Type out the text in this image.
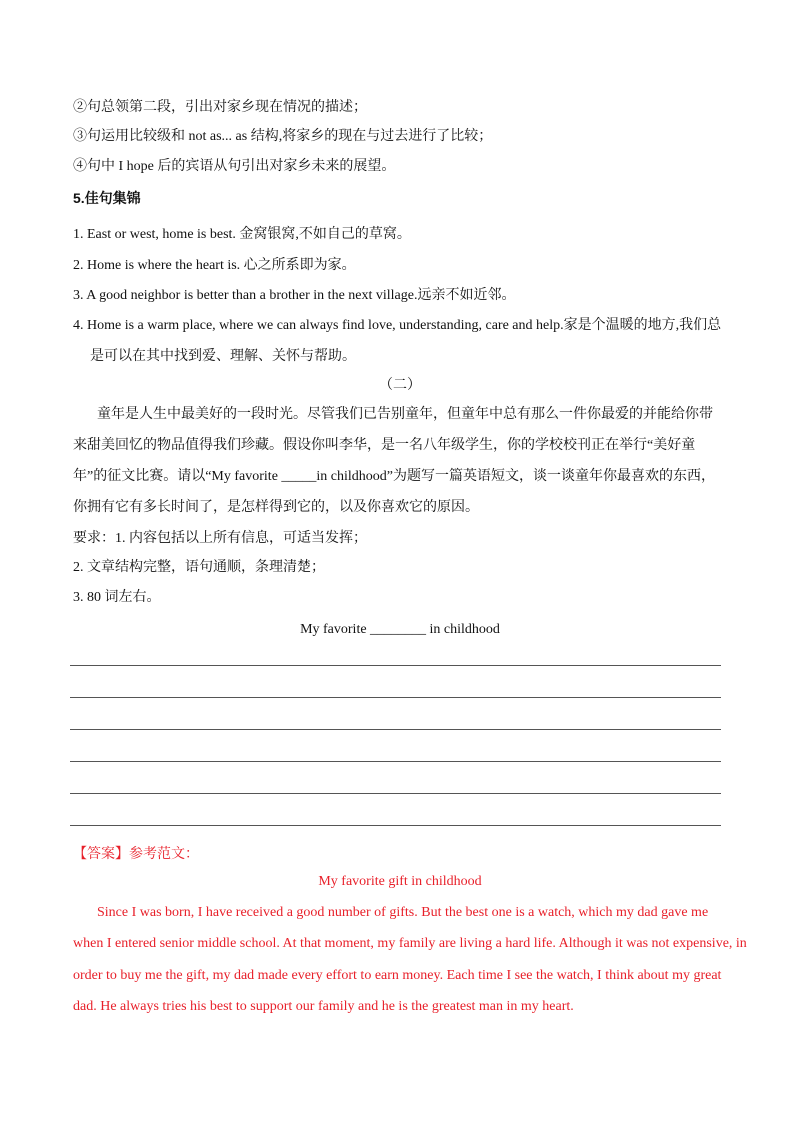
②句总领第二段，引出对家乡现在情况的描述；
③句运用比较级和 not as... as 结构,将家乡的现在与过去进行了比较；
④句中 I hope 后的宾语从句引出对家乡未来的展望。
5.佳句集锦
1. East or west, home is best. 金窝银窝,不如自己的草窝。
2. Home is where the heart is. 心之所系即为家。
3. A good neighbor is better than a brother in the next village.远亲不如近邻。
4. Home is a warm place, where we can always find love, understanding, care and help.家是个温暖的地方,我们总
是可以在其中找到爱、理解、关怀与帮助。
（二）
童年是人生中最美好的一段时光。尽管我们已告别童年，但童年中总有那么一件你最爱的并能给你带
来甜美回忆的物品值得我们珍藏。假设你叫李华，是一名八年级学生，你的学校校刊正在举行“美好童
年”的征文比赛。请以“My favorite _____in childhood”为题写一篇英语短文，谈一谈童年你最喜欢的东西，
你拥有它有多长时间了，是怎样得到它的，以及你喜欢它的原因。
要求：1. 内容包括以上所有信息，可适当发挥；
2. 文章结构完整，语句通顺，条理清楚；
3. 80 词左右。
My favorite ________ in childhood
【答案】参考范文：
My favorite gift in childhood
Since I was born, I have received a good number of gifts. But the best one is a watch, which my dad gave me
when I entered senior middle school. At that moment, my family are living a hard life. Although it was not expensive, in
order to buy me the gift, my dad made every effort to earn money. Each time I see the watch, I think about my great
dad. He always tries his best to support our family and he is the greatest man in my heart.
